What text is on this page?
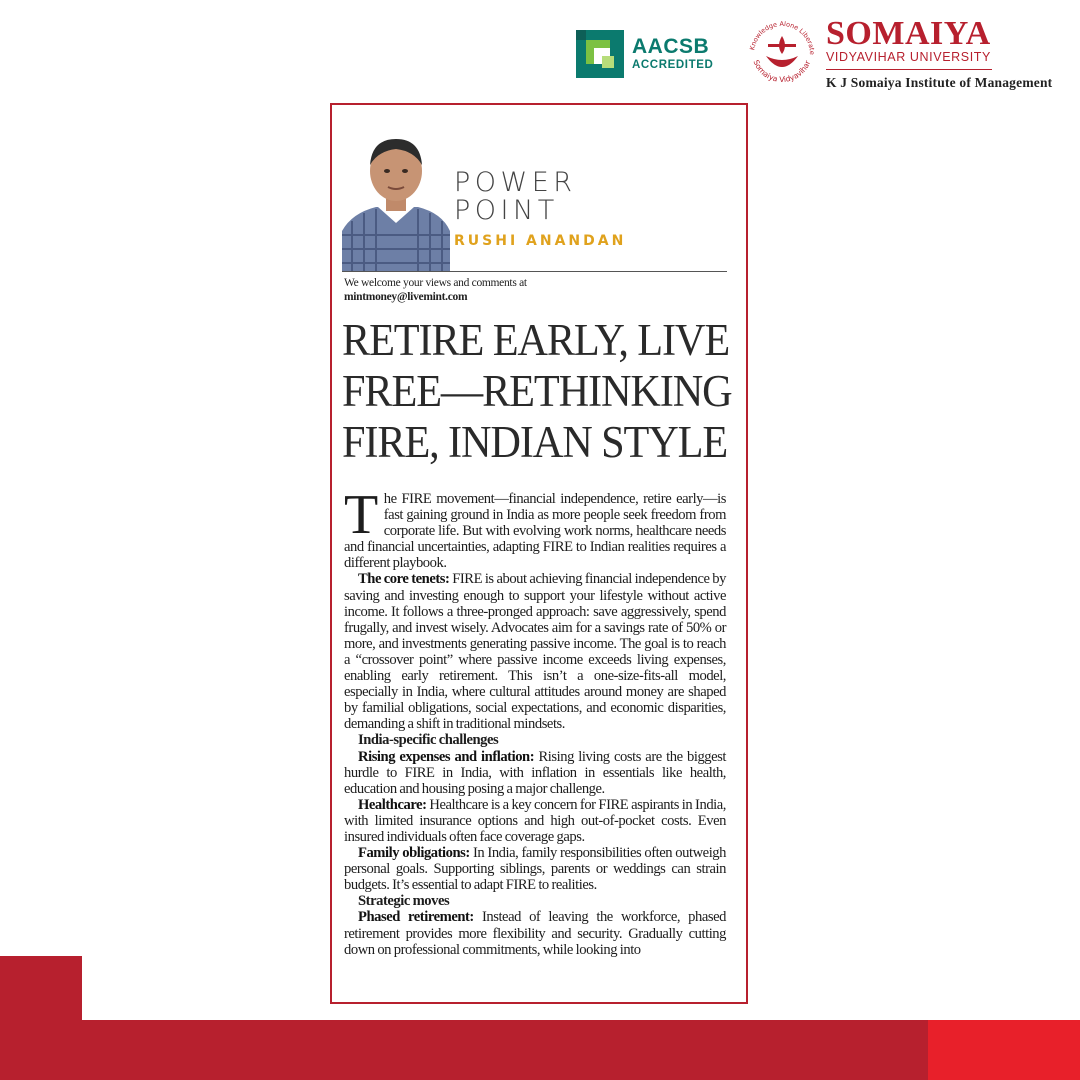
AACSB
ACCREDITED
Knowledge Alone Liberate
Somaiya Vidyavihar
SOMAIYA
VIDYAVIHAR UNIVERSITY
K J Somaiya Institute of Management
POWER
POINT
RUSHI ANANDAN
We welcome your views and comments at
mintmoney@livemint.com
RETIRE EARLY, LIVE
FREE—RETHINKING
FIRE, INDIAN STYLE

The FIRE movement—financial independence, retire early—is fast gaining ground in India as more people seek freedom from corporate life. But with evolving work norms, healthcare needs and financial uncertainties, adapting FIRE to Indian realities requires a different playbook.

The core tenets: FIRE is about achieving financial independence by saving and investing enough to support your lifestyle without active income. It follows a three-pronged approach: save aggressively, spend frugally, and invest wisely. Advocates aim for a savings rate of 50% or more, and investments generating passive income. The goal is to reach a “crossover point” where passive income exceeds living expenses, enabling early retirement. This isn’t a one-size-fits-all model, especially in India, where cultural attitudes around money are shaped by familial obligations, social expectations, and economic disparities, demanding a shift in traditional mindsets.

India-specific challenges

Rising expenses and inflation: Rising living costs are the biggest hurdle to FIRE in India, with inflation in essentials like health, education and housing posing a major challenge.

Healthcare: Healthcare is a key concern for FIRE aspirants in India, with limited insurance options and high out-of-pocket costs. Even insured individuals often face coverage gaps.

Family obligations: In India, family responsibilities often outweigh personal goals. Supporting siblings, parents or weddings can strain budgets. It’s essential to adapt FIRE to realities.

Strategic moves

Phased retirement: Instead of leaving the workforce, phased retirement provides more flexibility and security. Gradually cutting down on professional commitments, while looking into
